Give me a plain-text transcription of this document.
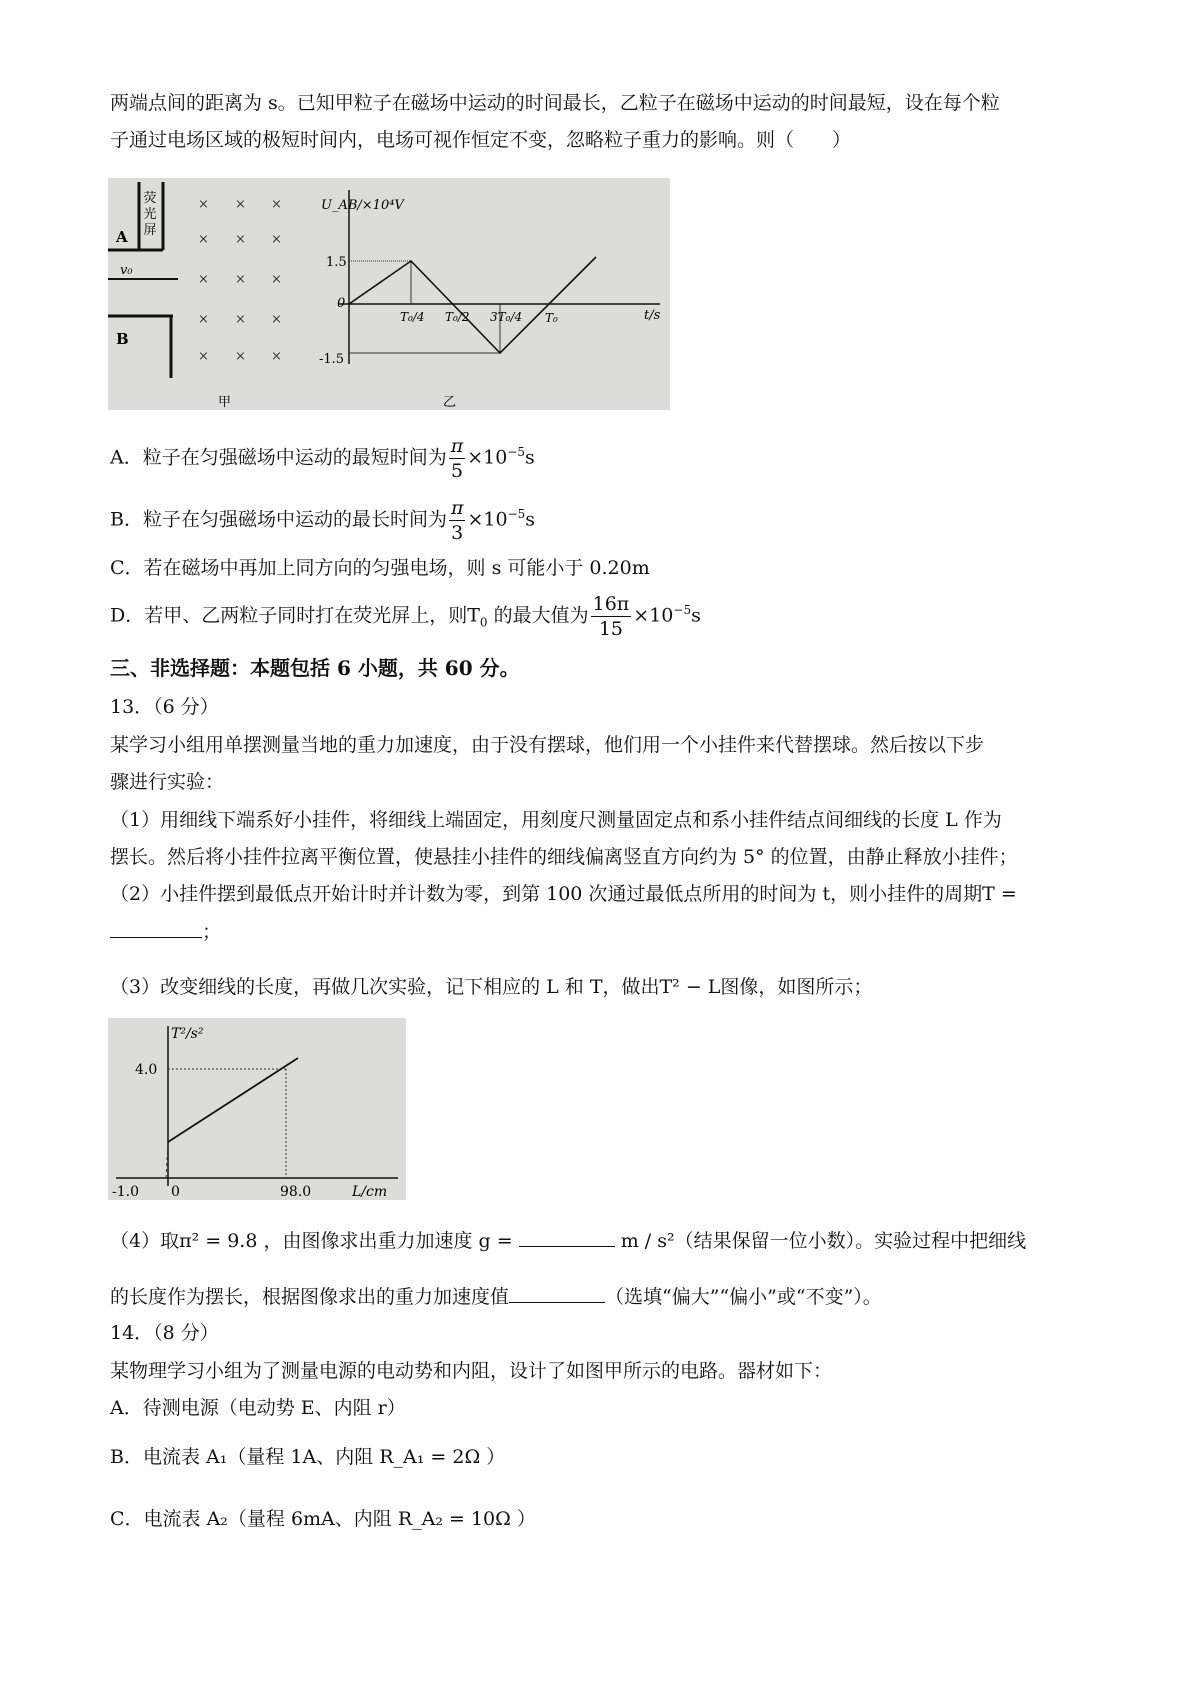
两端点间的距离为 s。已知甲粒子在磁场中运动的时间最长，乙粒子在磁场中运动的时间最短，设在每个粒
子通过电场区域的极短时间内，电场可视作恒定不变，忽略粒子重力的影响。则（　　）
荧
光
屏
A
v₀
B
× × ×
× × ×
× × ×
× × ×
× × ×
甲
U_AB/×10⁴V
t/s
1.5
0
-1.5
T₀/4 T₀/2 3T₀/4 T₀
乙
A．粒子在匀强磁场中运动的最短时间为 $\frac{\pi}{5} \times 10^{-5}s$
B．粒子在匀强磁场中运动的最长时间为 $\frac{\pi}{3} \times 10^{-5}s$
C．若在磁场中再加上同方向的匀强电场，则 s 可能小于 0.20m
D．若甲、乙两粒子同时打在荧光屏上，则$T_0$ 的最大值为 $\frac{16\pi}{15} \times 10^{-5}s$
三、非选择题：本题包括 6 小题，共 60 分。
13．（6 分）
某学习小组用单摆测量当地的重力加速度，由于没有摆球，他们用一个小挂件来代替摆球。然后按以下步
骤进行实验：
（1）用细线下端系好小挂件，将细线上端固定，用刻度尺测量固定点和系小挂件结点间细线的长度 L 作为
摆长。然后将小挂件拉离平衡位置，使悬挂小挂件的细线偏离竖直方向约为 5° 的位置，由静止释放小挂件；
（2）小挂件摆到最低点开始计时并计数为零，到第 100 次通过最低点所用的时间为 t，则小挂件的周期T =
；
（3）改变细线的长度，再做几次实验，记下相应的 L 和 T，做出T² − L图像，如图所示；
T²/s²
L/cm
4.0
-1.0 0	98.0
（4）取π² = 9.8 ，由图像求出重力加速度 g =	m / s²（结果保留一位小数）。实验过程中把细线
的长度作为摆长，根据图像求出的重力加速度值	（选填“偏大”“偏小”或“不变”）。
14．（8 分）
某物理学习小组为了测量电源的电动势和内阻，设计了如图甲所示的电路。器材如下：
A．待测电源（电动势 E、内阻 r）
B．电流表 A₁（量程 1A、内阻 R_A₁ = 2Ω ）
C．电流表 A₂（量程 6mA、内阻 R_A₂ = 10Ω ）
